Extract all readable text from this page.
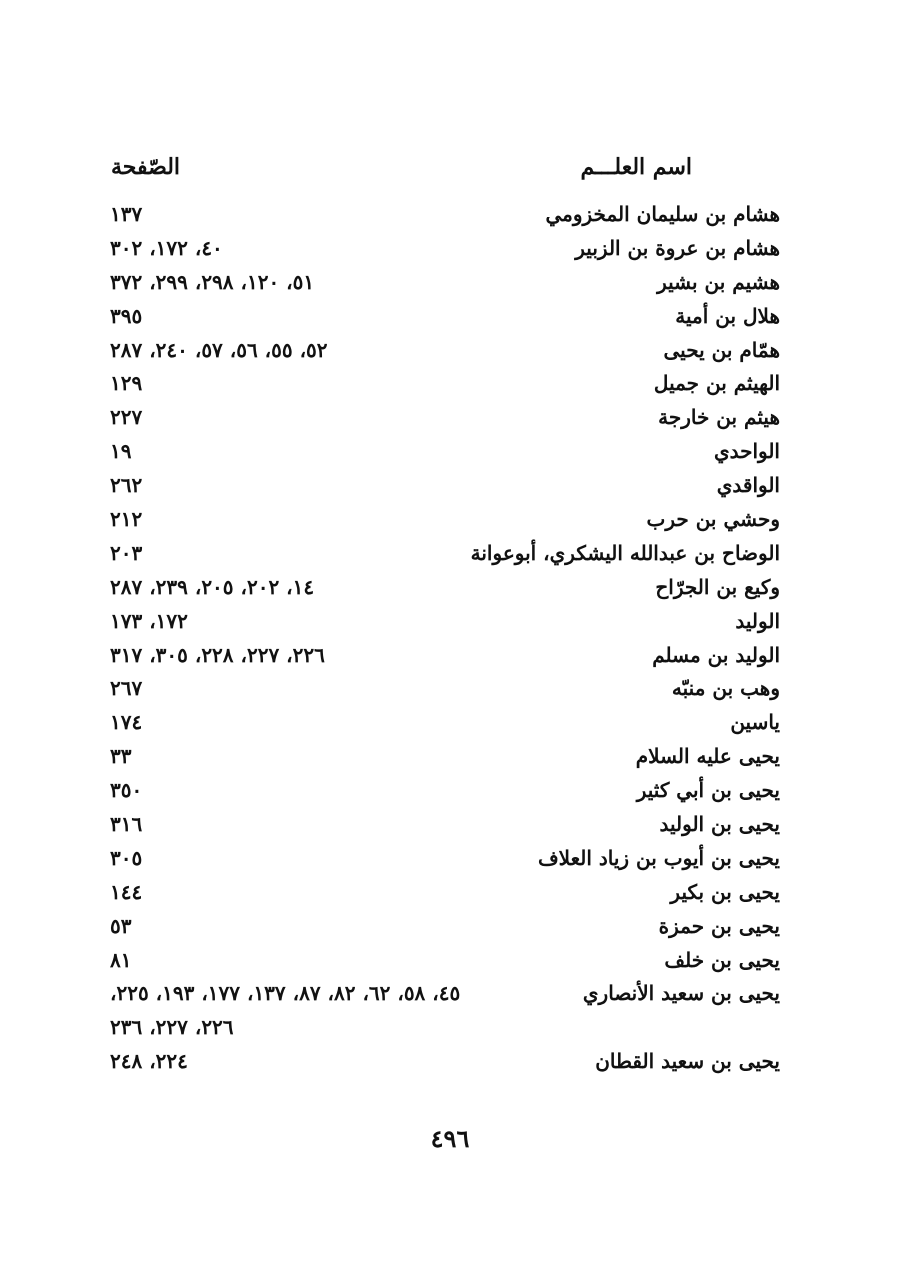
اسم العلـــم
الصّفحة
هشام بن سليمان المخزومي
١٣٧
هشام بن عروة بن الزبير
٤٠، ١٧٢، ٣٠٢
هشيم بن بشير
٥١، ١٢٠، ٢٩٨، ٢٩٩، ٣٧٢
هلال بن أمية
٣٩٥
همّام بن يحيى
٥٢، ٥٥، ٥٦، ٥٧، ٢٤٠، ٢٨٧
الهيثم بن جميل
١٢٩
هيثم بن خارجة
٢٢٧
الواحدي
١٩
الواقدي
٢٦٢
وحشي بن حرب
٢١٢
الوضاح بن عبدالله اليشكري، أبوعوانة
٢٠٣
وكيع بن الجرّاح
١٤، ٢٠٢، ٢٠٥، ٢٣٩، ٢٨٧
الوليد
١٧٢، ١٧٣
الوليد بن مسلم
٢٢٦، ٢٢٧، ٢٢٨، ٣٠٥، ٣١٧
وهب بن منبّه
٢٦٧
ياسين
١٧٤
يحيى عليه السلام
٣٣
يحيى بن أبي كثير
٣٥٠
يحيى بن الوليد
٣١٦
يحيى بن أيوب بن زياد العلاف
٣٠٥
يحيى بن بكير
١٤٤
يحيى بن حمزة
٥٣
يحيى بن خلف
٨١
يحيى بن سعيد الأنصاري
٤٥، ٥٨، ٦٢، ٨٢، ٨٧، ١٣٧، ١٧٧، ١٩٣، ٢٢٥،
٢٢٦، ٢٢٧، ٢٣٦
يحيى بن سعيد القطان
٢٢٤، ٢٤٨
٤٩٦
